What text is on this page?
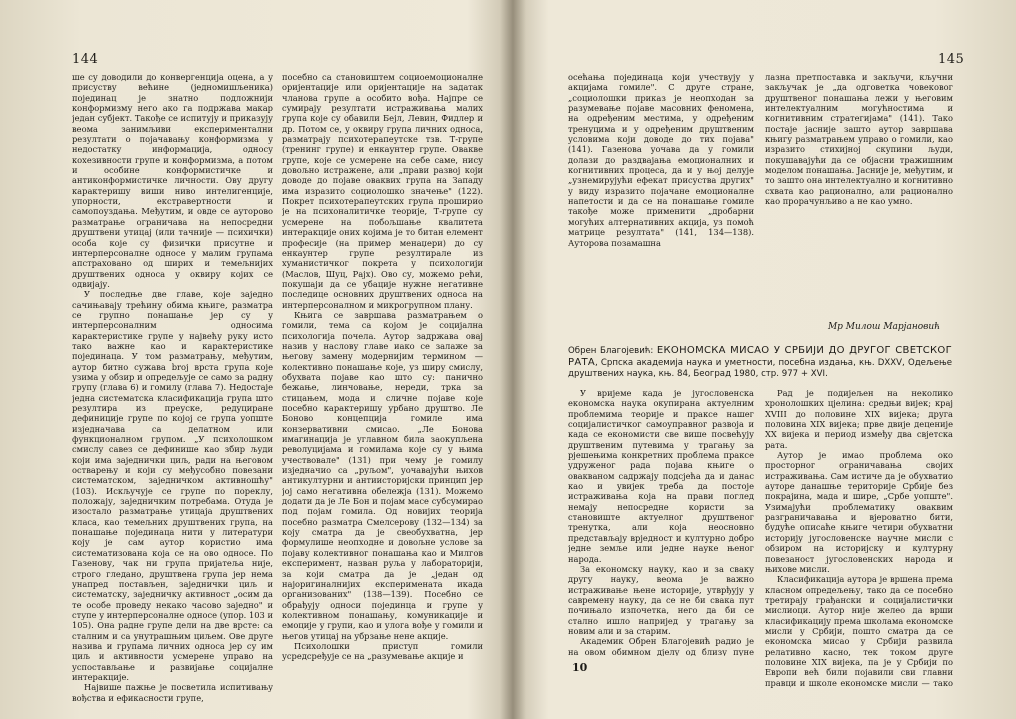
144

ше су доводили до конвергенција оцена, а у присуству већине (једномишљеника) појединац је знатно подложнији конформизму него ако га подржава макар један субјект. Такође се испитују и приказују веома занимљиви експериментални резултати о појачавању конформизма у недостатку информација, односу кохезивности групе и конформизма, а потом и особине конформистичке и антиконформистичке личности. Ову другу карактеришу виши ниво интелигенције, упорности, екстравертности и самопоуздања. Међутим, и овде се ауторово разматрање ограничава на непосредни друштвени утицај (или тачније — психички) особа које су физички присутне и интерперсоналне односе у малим групама апстраховано од ширих и темељнијих друштвених односа у оквиру којих се одвијају.

У последње две главе, које заједно сачињавају трећину обима књиге, разматра се групно понашање јер су у интерперсоналним односима карактеристике групе у највећу руку исто тако важне као и карактеристике појединаца. У том разматрању, међутим, аутор битно сужава broj врста група које узима у обзир и опредељује се само за радну групу (глава 6) и гомилу (глава 7). Недостаје једна систематска класификација група што резултира из преуске, редуциране дефиниције групе по којој се група уопште изједначава са делатном или функционалном групом. „У психолошком смислу савез се дефинише као збир људи који има заједнички циљ, ради на његовом остварењу и који су међусобно повезани систематском, заједничком активношћу" (103). Искључује се групе по пореклу, положају, заједничким потребама. Отуда је изостало разматрање утицаја друштвених класа, као темељних друштвених група, на понашање појединаца нити у литератури коју је сам аутор користио има систематизована која се на ово односе. По Газенову, чак ни група пријатеља није, строго гледано, друштвена група јер нема унапред постављен, заједнички циљ и систематску, заједничку активност „осим да те особе проведу некако часово заједно" и ступе у интерперсоналне односе (упор. 103 и 105). Она радне групе дели на две врсте: са сталним и са унутрашњим циљем. Ове друге назива и групама личних односа јер су им циљ и активности усмерене управо на успостављање и развијање социјалне интеракције.

Највише пажње је посветила испитивању вођства и ефикасности групе,

посебно са становиштем социоемоционалне оријентације или оријентације на задатак чланова групе а особито вођа. Најпре се сумирају резултати истраживања малих група које су обавили Бејл, Левин, Фидлер и др. Потом се, у оквиру група личних односа, разматрају психотерапеутске тзв. Т-групе (тренинг групе) и енкаунтер групе. Овакве групе, које се усмерене на себе саме, нису довољно истражене, али „прави развој који доводе до појаве оваквих група на Западу има изразито социолошко значење" (122). Покрет психотерапеутских група проширио је на психоналитичке теорије, Т-групе су усмерене на побољшање квалитета интеракције оних којима је то битан елемент професије (на пример менаџери) до су енкаунтер групе резултирале из хуманистичког покрета у психологији (Маслов, Шуц, Рајх). Ово су, можемо рећи, покушаји да се убације нужне негативне последице основних друштвених односа на интерперсоналном и микрогрупном плану.

Књига се завршава разматрањем о гомили, тема са којом је социјална психологија почела. Аутор задржава овај назив у наслову главе иако се залаже за његову замену модернијим термином — колективно понашање које, уз ширу смислу, обухвата појаве као што су: панично бежање, линчовање, нереди, трка за стицањем, мода и сличне појаве које посебно карактеришу урбано друштво. Ле Боново концепција гомиле има конзервативни смисао. „Ле Бонова имагинација је углавном била заокупљена револуцијама и гомилама које су у њима учествовале" (131) при чему је гомилу изједначио са „руљом", уочавајући њихов антикултурни и антиисторијски принцип јер јој само негативна обележја (131). Можемо додати да је Ле Бон и појам масе субсумирао под појам гомила. Од новијих теорија посебно разматра Смелсерову (132—134) за коју сматра да је свеобухватна, јер формулише неопходне и довољне услове за појаву колективног понашања као и Милгов експеримент, назван руља у лабораторији, за који сматра да је „један од најоригиналнијих експеримената икада организованих" (138—139). Посебно се обрађују односи појединца и групе у колективном понашању, комуникације и емоције у групи, као и улога вође у гомили и његов утицај на убрзање нене акције.

Психолошки приступ гомили усредсређује се на „разумевање акције и

145

осећања појединаца који учествују у акцијама гомиле". С друге стране, „социолошки приказ је неопходан за разумевање појаве масовних феномена, на одређеним местима, у одређеним тренуцима и у одређеним друштвеним условима који доводе до тих појава" (141). Газенова уочава да у гомили долази до раздвајања емоционалних и когнитивних процеса, да и у њој делује „узнемирујући ефекат присуства других" у виду изразито појачане емоционалне напетости и да се на понашање гомиле такође може применити „дробарни могућих алтернативних акција, уз помоћ матрице резултата" (141, 134—138). Ауторова позамашна

лазна претпоставка и закључи, кључни закључак је „да одговетка човековог друштвеног понашања лежи у његовим интелектуалним могућностима и когнитивним стратегијама" (141). Тако постаје јасније зашто аутор завршава књигу разматрањем управо о гомили, као изразито стихијној скупини људи, покушавајући да се објасни тражишним моделом понашања. Јасније је, међутим, и то зашто она интелектуално и когнитивно схвата као рационално, али рационално као прорачунљиво а не као умно.

Мр Милош Марјановић
Обрен Благојевић: ЕКОНОМСКА МИСАО У СРБИЈИ ДО ДРУГОГ СВЕТСКОГ РАТА, Српска академија наука и уметности, посебна издања, књ. DXXV, Одељење друштвених наука, књ. 84, Београд 1980, стр. 977 + XVI.

У вријеме када је југословенска економска наука окупирана актуелним проблемима теорије и праксе нашег социјалистичког самоуправног развоја и када се економисти све више посвећују друштвеним путевима у трагању за рјешењима конкретних проблема праксе удруженог рада појава књиге о овакваном садржају подсјећа да и данас као и увијек треба да постоје истраживања која на прави поглед немају непосредне користи за становиште актуелног друштвеног тренутка, али која неосновно представљају врједност и културно добро једне земље или једне науке њеног народа.

За економску науку, као и за сваку другу науку, веома је важно истраживање њене историје, утврђују у савремену науку, да се не би свака пут почињало изпочетка, него да би се стално ишло напријед у трагању за новим али и за старим.

Академик Обрен Благојевић радио је на овом обимном дјелу од близу пуне

Рад је подијељен на неколико хронолошких цјелина: средњи вијек; крај XVIII до половине XIX вијека; друга половина XIX вијека; прве двије деценије XX вијека и период између два свјетска рата.

Аутор је имао проблема око просторног ограничавања својих истраживања. Сам истиче да је обухватио ауторе данашње територије Србије без покрајина, мада и шире, „Србе уопште". Узимајући проблематику оваквим разграничавања и вјероватно бити, будуће описаће књиге четири обухватни историју југословенске научне мисли с обзиром на историјску и културну повезаност југословенских народа и њихове мисли.

Класификација аутора је вршена према класном опредељењу, тако да се посебно третирају грађански и социјалистички мислиоци. Аутор није желео да врши класификацију према школама економске мисли у Србији, пошто сматра да се економска мисао у Србији развила релативно касно, тек током друге половине XIX вијека, па је у Србији по Европи већ били појавили сви главни правци и школе економске мисли — тако

10
